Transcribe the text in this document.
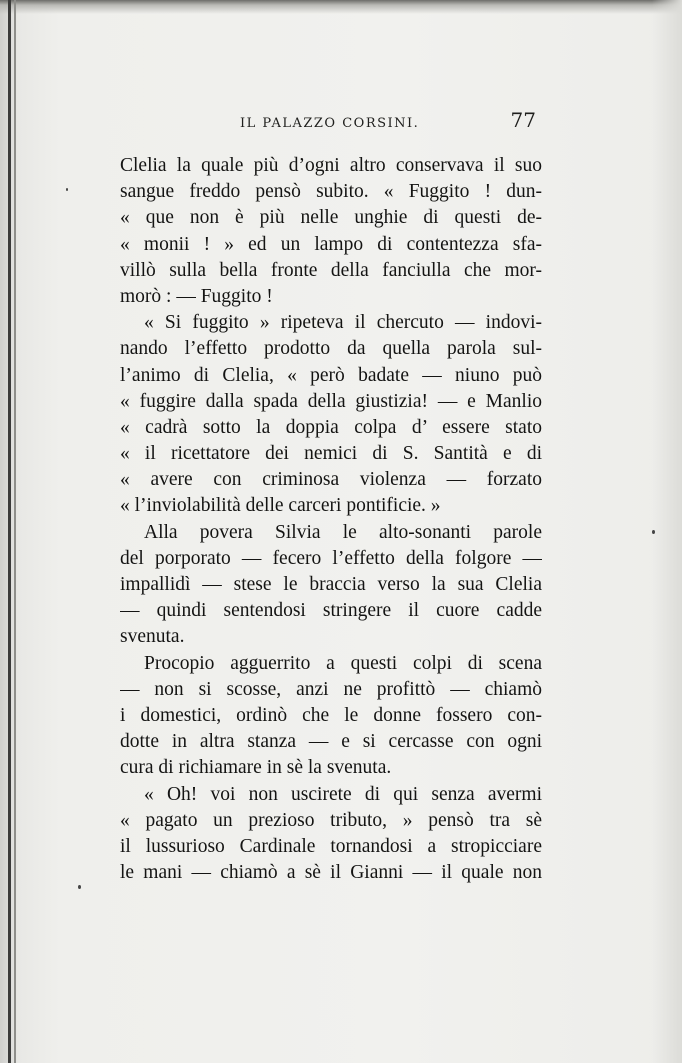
IL PALAZZO CORSINI.	77
Clelia la quale più d’ogni altro conservava il suo
sangue freddo pensò subito. « Fuggito ! dun-
« que non è più nelle unghie di questi de-
« monii ! » ed un lampo di contentezza sfa-
villò sulla bella fronte della fanciulla che mor-
morò : — Fuggito !
« Si fuggito » ripeteva il chercuto — indovi-
nando l’effetto prodotto da quella parola sul-
l’animo di Clelia, « però badate — niuno può
« fuggire dalla spada della giustizia! — e Manlio
« cadrà sotto la doppia colpa d’ essere stato
« il ricettatore dei nemici di S. Santità e di
« avere con criminosa violenza — forzato
« l’inviolabilità delle carceri pontificie. »
Alla povera Silvia le alto-sonanti parole
del porporato — fecero l’effetto della folgore —
impallidì — stese le braccia verso la sua Clelia
— quindi sentendosi stringere il cuore cadde
svenuta.
Procopio agguerrito a questi colpi di scena
— non si scosse, anzi ne profittò — chiamò
i domestici, ordinò che le donne fossero con-
dotte in altra stanza — e si cercasse con ogni
cura di richiamare in sè la svenuta.
« Oh! voi non uscirete di qui senza avermi
« pagato un prezioso tributo, » pensò tra sè
il lussurioso Cardinale tornandosi a stropicciare
le mani — chiamò a sè il Gianni — il quale non
